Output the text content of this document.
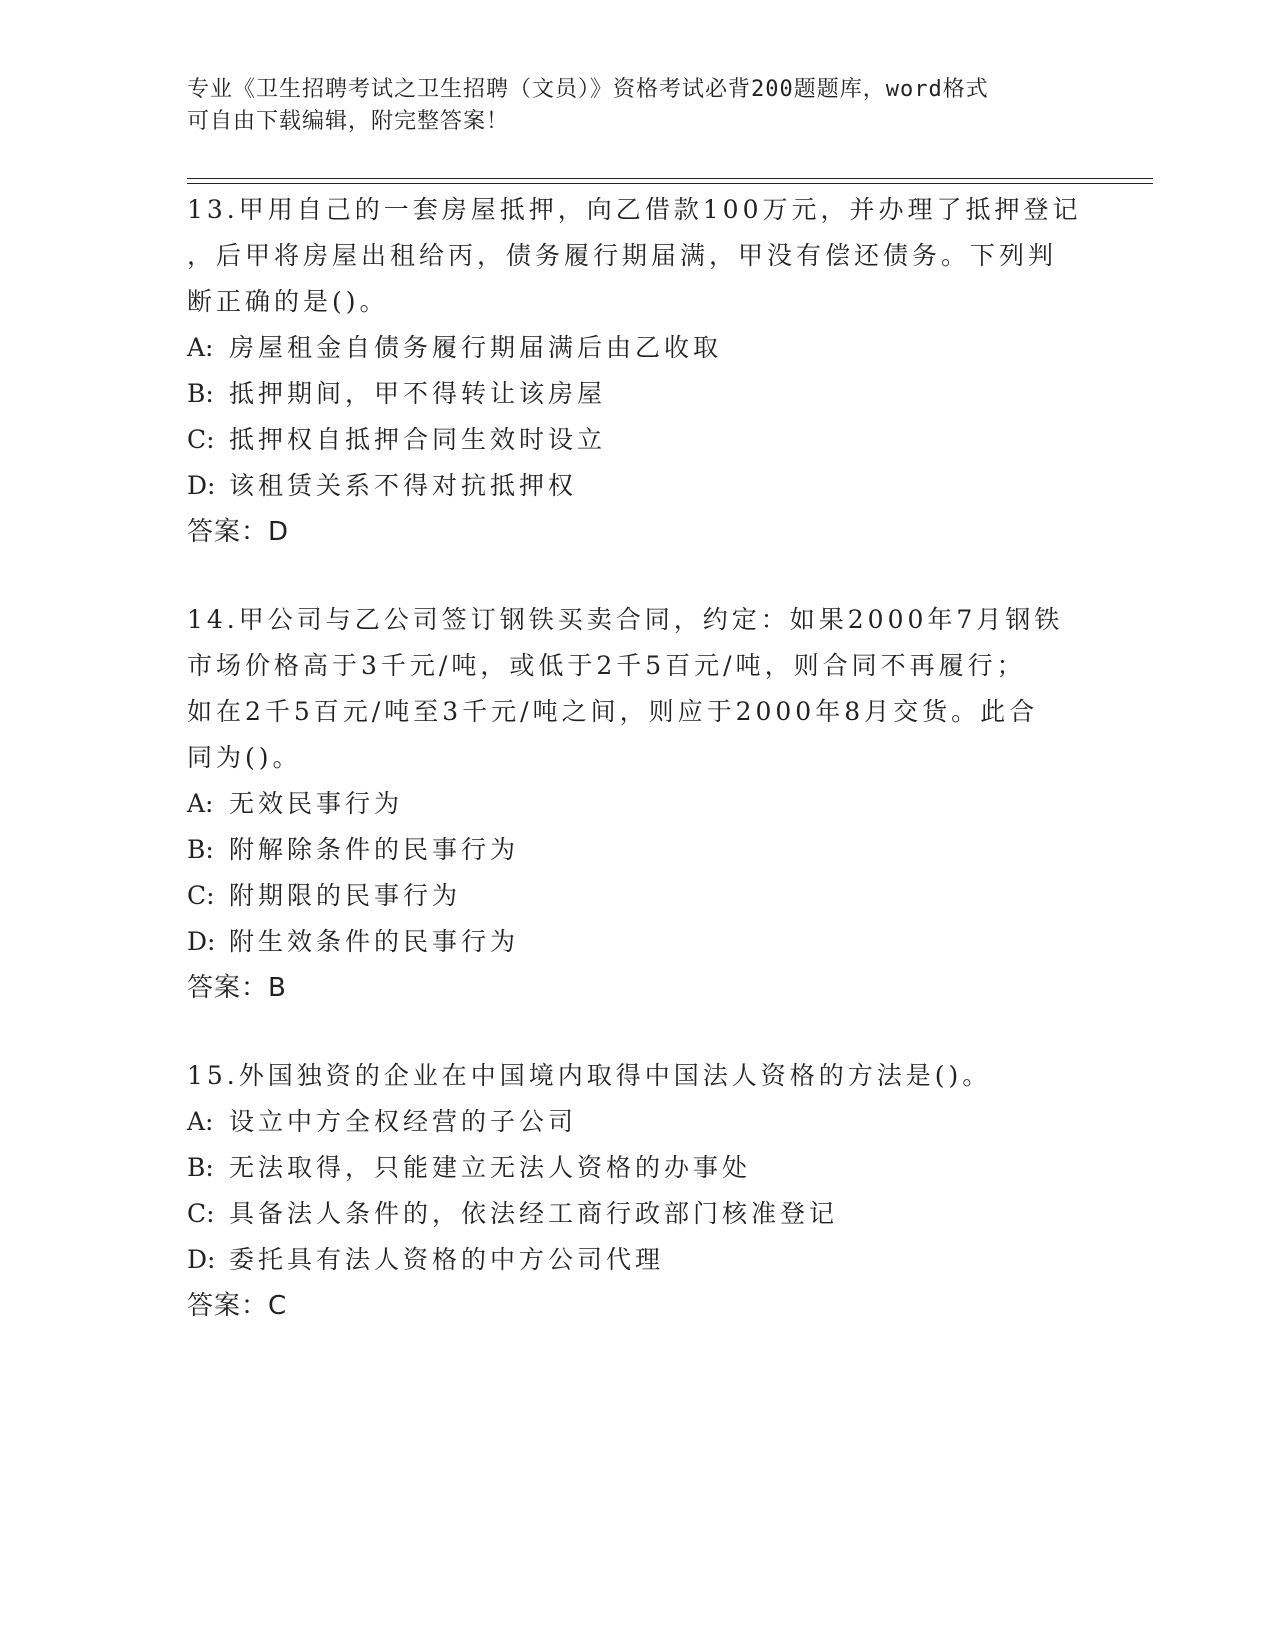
专业《卫生招聘考试之卫生招聘（文员）》资格考试必背200题题库，word格式
可自由下载编辑，附完整答案！
13.甲用自己的一套房屋抵押，向乙借款100万元，并办理了抵押登记
，后甲将房屋出租给丙，债务履行期届满，甲没有偿还债务。下列判
断正确的是()。
A: 房屋租金自债务履行期届满后由乙收取
B: 抵押期间，甲不得转让该房屋
C: 抵押权自抵押合同生效时设立
D: 该租赁关系不得对抗抵押权
答案：D
14.甲公司与乙公司签订钢铁买卖合同，约定：如果2000年7月钢铁
市场价格高于3千元/吨，或低于2千5百元/吨，则合同不再履行；
如在2千5百元/吨至3千元/吨之间，则应于2000年8月交货。此合
同为()。
A: 无效民事行为
B: 附解除条件的民事行为
C: 附期限的民事行为
D: 附生效条件的民事行为
答案：B
15.外国独资的企业在中国境内取得中国法人资格的方法是()。
A: 设立中方全权经营的子公司
B: 无法取得，只能建立无法人资格的办事处
C: 具备法人条件的，依法经工商行政部门核准登记
D: 委托具有法人资格的中方公司代理
答案：C
